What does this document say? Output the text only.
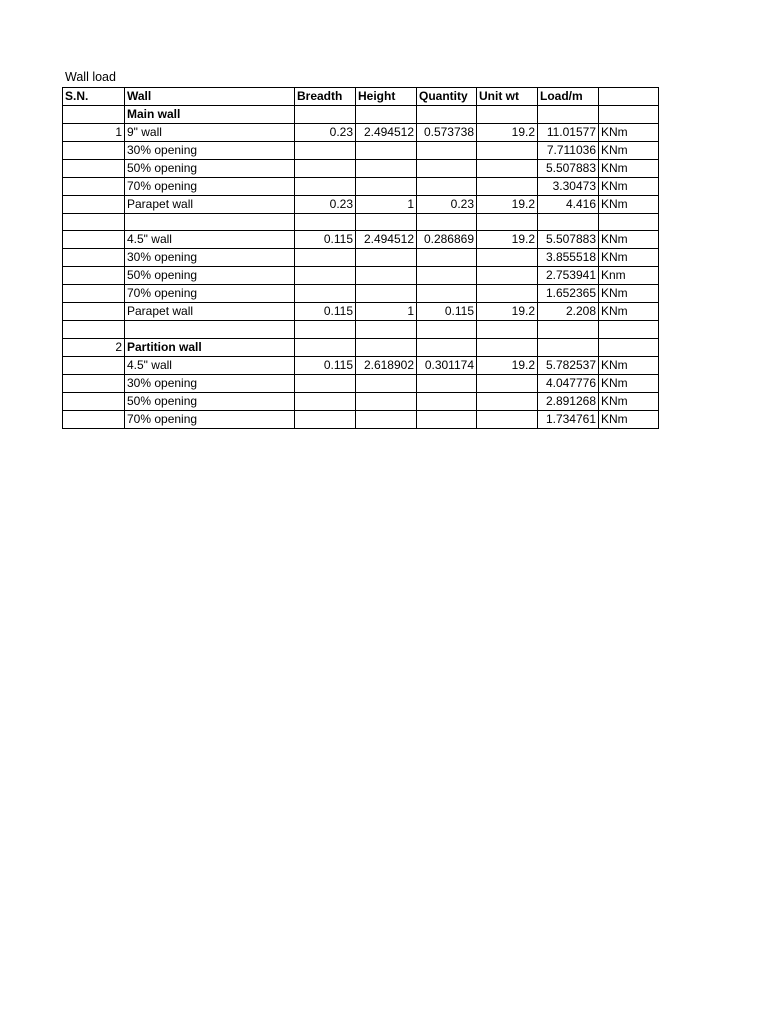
Wall load
S.N.	Wall	Breadth	Height	Quantity	Unit wt	Load/m	
	Main wall						
1	9" wall	0.23	2.494512	0.573738	19.2	11.01577	KNm
	30% opening					7.711036	KNm
	50% opening					5.507883	KNm
	70% opening					3.30473	KNm
	Parapet wall	0.23	1	0.23	19.2	4.416	KNm

	4.5" wall	0.115	2.494512	0.286869	19.2	5.507883	KNm
	30% opening					3.855518	KNm
	50% opening					2.753941	Knm
	70% opening					1.652365	KNm
	Parapet wall	0.115	1	0.115	19.2	2.208	KNm

2	Partition wall						
	4.5" wall	0.115	2.618902	0.301174	19.2	5.782537	KNm
	30% opening					4.047776	KNm
	50% opening					2.891268	KNm
	70% opening					1.734761	KNm
